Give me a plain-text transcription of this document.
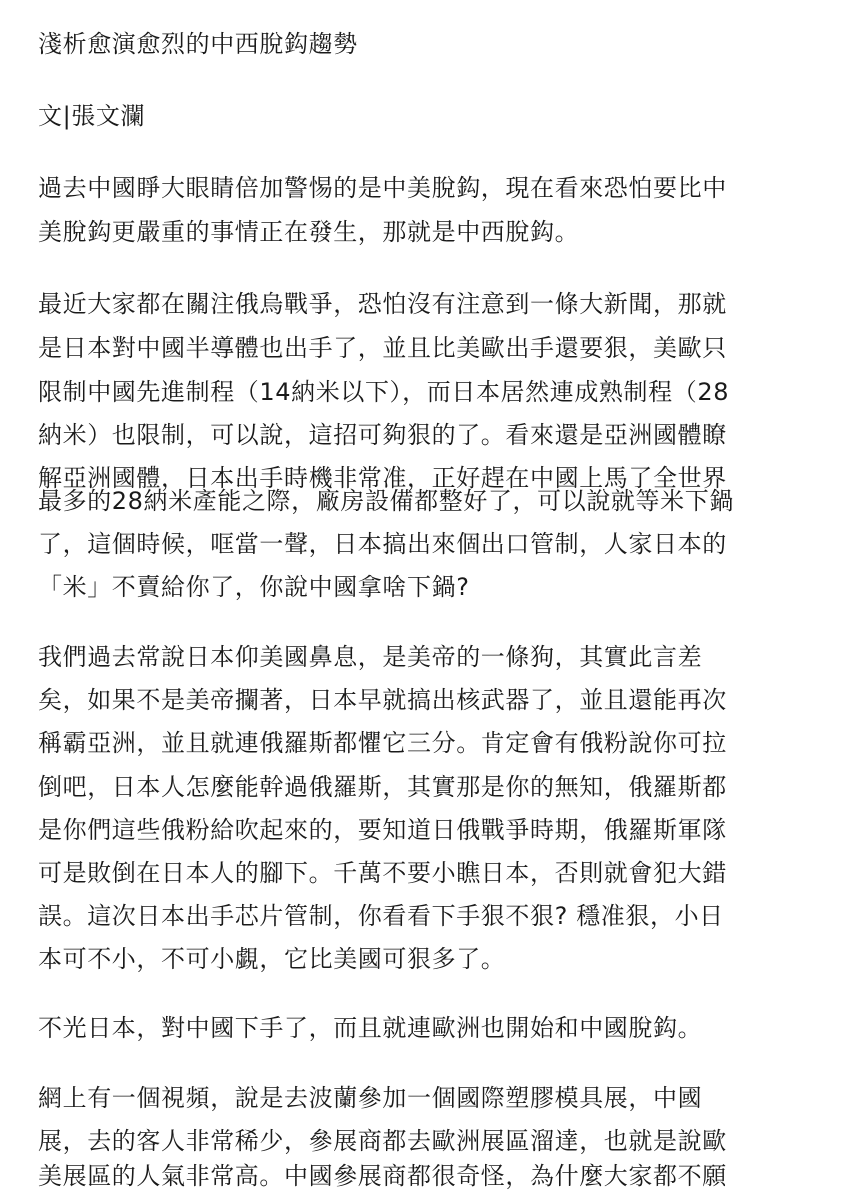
淺析愈演愈烈的中西脫鈎趨勢
文|張文瀾
過去中國睜大眼睛倍加警惕的是中美脫鈎，現在看來恐怕要比中
美脫鈎更嚴重的事情正在發生，那就是中西脫鈎。
最近大家都在關注俄烏戰爭，恐怕沒有注意到一條大新聞，那就
是日本對中國半導體也出手了，並且比美歐出手還要狠，美歐只
限制中國先進制程（14納米以下），而日本居然連成熟制程（28
納米）也限制，可以說，這招可夠狠的了。看來還是亞洲國體瞭
解亞洲國體，日本出手時機非常准，正好趕在中國上馬了全世界
最多的28納米產能之際，廠房設備都整好了，可以說就等米下鍋
了，這個時候，哐當一聲，日本搞出來個出口管制，人家日本的
「米」不賣給你了，你說中國拿啥下鍋?
我們過去常說日本仰美國鼻息，是美帝的一條狗，其實此言差
矣，如果不是美帝攔著，日本早就搞出核武器了，並且還能再次
稱霸亞洲，並且就連俄羅斯都懼它三分。肯定會有俄粉說你可拉
倒吧，日本人怎麼能幹過俄羅斯，其實那是你的無知，俄羅斯都
是你們這些俄粉給吹起來的，要知道日俄戰爭時期，俄羅斯軍隊
可是敗倒在日本人的腳下。千萬不要小瞧日本，否則就會犯大錯
誤。這次日本出手芯片管制，你看看下手狠不狠? 穩准狠，小日
本可不小，不可小覷，它比美國可狠多了。
不光日本，對中國下手了，而且就連歐洲也開始和中國脫鈎。
網上有一個視頻，說是去波蘭參加一個國際塑膠模具展，中國
展，去的客人非常稀少，參展商都去歐洲展區溜達，也就是說歐
美展區的人氣非常高。中國參展商都很奇怪，為什麼大家都不願
